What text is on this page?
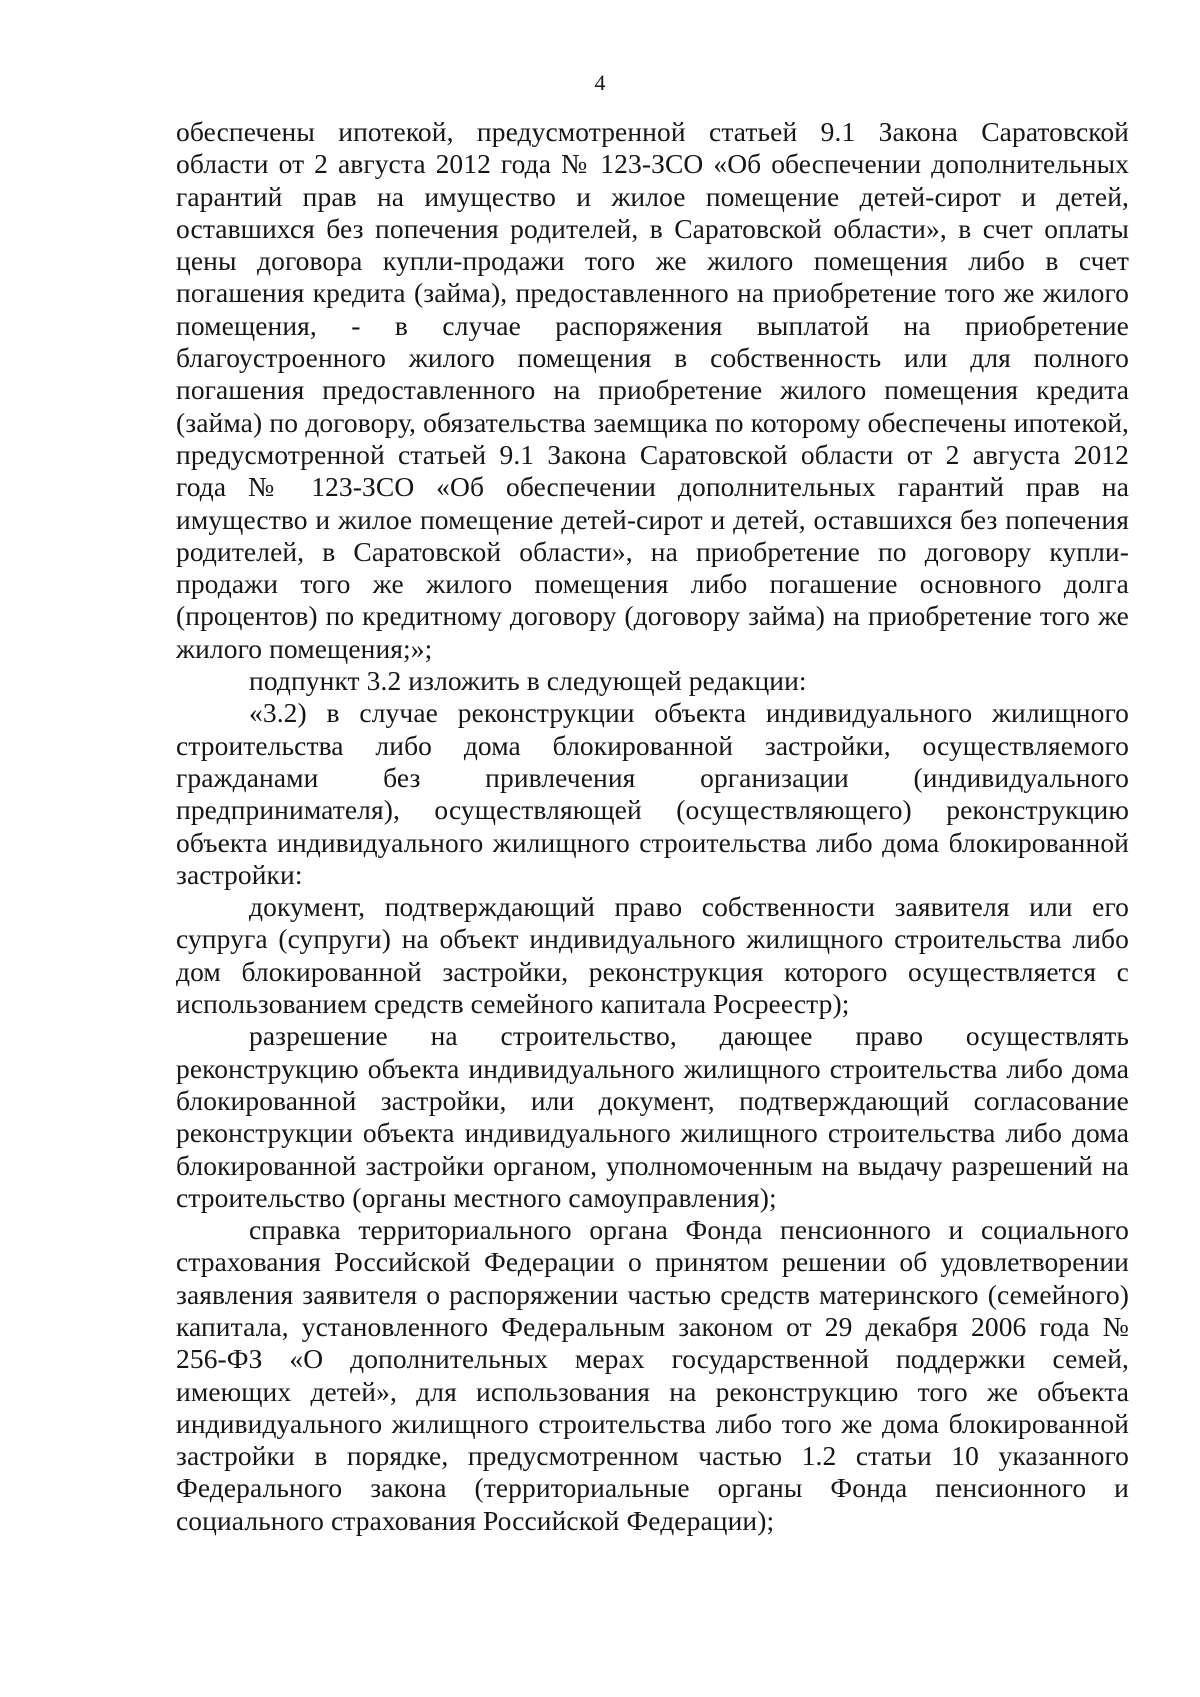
4

обеспечены ипотекой, предусмотренной статьей 9.1 Закона Саратовской области от 2 августа 2012 года № 123-ЗСО «Об обеспечении дополнительных гарантий прав на имущество и жилое помещение детей-сирот и детей, оставшихся без попечения родителей, в Саратовской области», в счет оплаты цены договора купли-продажи того же жилого помещения либо в счет погашения кредита (займа), предоставленного на приобретение того же жилого помещения, - в случае распоряжения выплатой на приобретение благоустроенного жилого помещения в собственность или для полного погашения предоставленного на приобретение жилого помещения кредита (займа) по договору, обязательства заемщика по которому обеспечены ипотекой, предусмотренной статьей 9.1 Закона Саратовской области от 2 августа 2012 года № 123-ЗСО «Об обеспечении дополнительных гарантий прав на имущество и жилое помещение детей-сирот и детей, оставшихся без попечения родителей, в Саратовской области», на приобретение по договору купли-продажи того же жилого помещения либо погашение основного долга (процентов) по кредитному договору (договору займа) на приобретение того же жилого помещения;»;

подпункт 3.2 изложить в следующей редакции:

«3.2) в случае реконструкции объекта индивидуального жилищного строительства либо дома блокированной застройки, осуществляемого гражданами без привлечения организации (индивидуального предпринимателя), осуществляющей (осуществляющего) реконструкцию объекта индивидуального жилищного строительства либо дома блокированной застройки:

документ, подтверждающий право собственности заявителя или его супруга (супруги) на объект индивидуального жилищного строительства либо дом блокированной застройки, реконструкция которого осуществляется с использованием средств семейного капитала Росреестр);

разрешение на строительство, дающее право осуществлять реконструкцию объекта индивидуального жилищного строительства либо дома блокированной застройки, или документ, подтверждающий согласование реконструкции объекта индивидуального жилищного строительства либо дома блокированной застройки органом, уполномоченным на выдачу разрешений на строительство (органы местного самоуправления);

справка территориального органа Фонда пенсионного и социального страхования Российской Федерации о принятом решении об удовлетворении заявления заявителя о распоряжении частью средств материнского (семейного) капитала, установленного Федеральным законом от 29 декабря 2006 года № 256-ФЗ «О дополнительных мерах государственной поддержки семей, имеющих детей», для использования на реконструкцию того же объекта индивидуального жилищного строительства либо того же дома блокированной застройки в порядке, предусмотренном частью 1.2 статьи 10 указанного Федерального закона (территориальные органы Фонда пенсионного и социального страхования Российской Федерации);
